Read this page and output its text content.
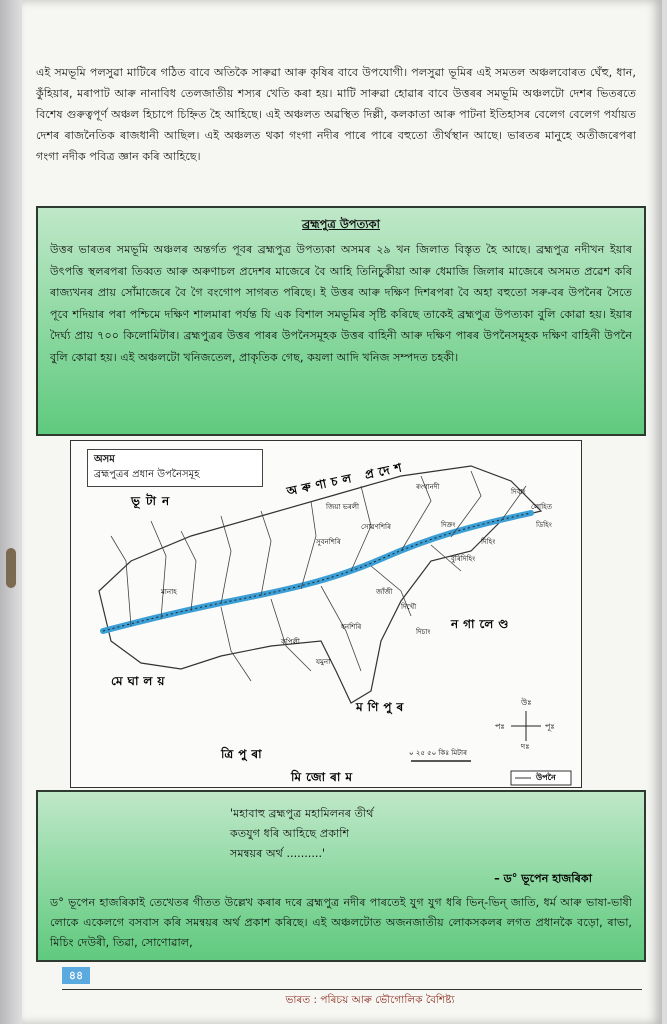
এই সমভূমি পলসুৱা মাটিৰে গঠিত বাবে অতিকৈ সাৰুৱা আৰু কৃষিৰ বাবে উপযোগী। পলসুৱা ভূমিৰ এই সমতল অঞ্চলবোৰত ঘেঁহু, ধান, কুঁহিয়াৰ, মৰাপাট আৰু নানাবিধ তেলজাতীয় শস্যৰ খেতি কৰা হয়। মাটি সাৰুৱা হোৱাৰ বাবে উত্তৰৰ সমভূমি অঞ্চলটো দেশৰ ভিতৰতে বিশেষ গুৰুত্বপূৰ্ণ অঞ্চল হিচাপে চিহ্নিত হৈ আহিছে। এই অঞ্চলত অৱস্থিত দিল্লী, কলকাতা আৰু পাটনা ইতিহাসৰ বেলেগ বেলেগ পৰ্যায়ত দেশৰ ৰাজনৈতিক ৰাজধানী আছিল। এই অঞ্চলত থকা গংগা নদীৰ পাৰে পাৰে বহুতো তীৰ্থস্থান আছে। ভাৰতৰ মানুহে অতীজৰেপৰা গংগা নদীক পবিত্ৰ জ্ঞান কৰি আহিছে।

ব্ৰহ্মপুত্ৰ উপত্যকা

উত্তৰ ভাৰতৰ সমভূমি অঞ্চলৰ অন্তৰ্গত পূবৰ ব্ৰহ্মপুত্ৰ উপত্যকা অসমৰ ২৯ খন জিলাত বিস্তৃত হৈ আছে। ব্ৰহ্মপুত্ৰ নদীখন ইয়াৰ উৎপত্তি স্থলৰপৰা তিব্বত আৰু অৰুণাচল প্ৰদেশৰ মাজেৰে বৈ আহি তিনিচুকীয়া আৰু ধেমাজি জিলাৰ মাজেৰে অসমত প্ৰৱেশ কৰি ৰাজ্যখনৰ প্ৰায় সোঁমাজেৰে বৈ গৈ বংগোপ সাগৰত পৰিছে। ই উত্তৰ আৰু দক্ষিণ দিশৰপৰা বৈ অহা বহুতো সৰু-বৰ উপনৈৰ সৈতে পূবে শদিয়াৰ পৰা পশ্চিমে দক্ষিণ শালমাৰা পৰ্যন্ত যি এক বিশাল সমভূমিৰ সৃষ্টি কৰিছে তাকেই ব্ৰহ্মপুত্ৰ উপত্যকা বুলি কোৱা হয়। ইয়াৰ দৈৰ্ঘ্য প্ৰায় ৭০০ কিলোমিটাৰ। ব্ৰহ্মপুত্ৰৰ উত্তৰ পাৰৰ উপনৈসমূহক উত্তৰ বাহিনী আৰু দক্ষিণ পাৰৰ উপনৈসমূহক দক্ষিণ বাহিনী উপনৈ বুলি কোৱা হয়। এই অঞ্চলটো খনিজতেল, প্ৰাকৃতিক গেছ, কয়লা আদি খনিজ সম্পদত চহকী।

অসম
ব্ৰহ্মপুত্ৰৰ প্ৰধান উপনৈসমূহ
ভূটান
অৰুণাচল প্ৰদেশ
নগালেণ্ড
মেঘালয়
মণিপুৰ
ত্ৰিপুৰা
মিজোৰাম
জিয়া ভৰলী
সোৱণশিৰি
ৰংগানদী
দিক্ৰং	ডিহিং
দিহিং
সুবনশিৰি
মানাহ
কপিলী
ধনশিৰি
যমুনা
দিচাং
দিখৌ
জাঁজী
দিবাং
লোহিত
বুৰিদিহিং
উঃ
দঃ
পূঃ
পঃ
০ ২৫ ৫০ কিঃ মিটাৰ
উপনৈ
'মহাবাহু ব্ৰহ্মপুত্ৰ মহামিলনৰ তীৰ্থ
কতযুগ ধৰি আহিছে প্ৰকাশি
সমন্বয়ৰ অৰ্থ ..........'
– ড° ভূপেন হাজৰিকা
ড° ভূপেন হাজৰিকাই তেখেতৰ গীতত উল্লেখ কৰাৰ দৰে ব্ৰহ্মপুত্ৰ নদীৰ পাৰতেই যুগ যুগ ধৰি ভিন্-ভিন্ জাতি, ধৰ্ম আৰু ভাষা-ভাষী লোকে একেলগে বসবাস কৰি সমন্বয়ৰ অৰ্থ প্ৰকাশ কৰিছে। এই অঞ্চলটোত অজনজাতীয় লোকসকলৰ লগত প্ৰধানকৈ বড়ো, ৰাভা, মিচিং দেউৰী, তিৱা, সোণোৱাল,
৪৪
ভাৰত : পৰিচয় আৰু ভৌগোলিক বৈশিষ্ট্য
